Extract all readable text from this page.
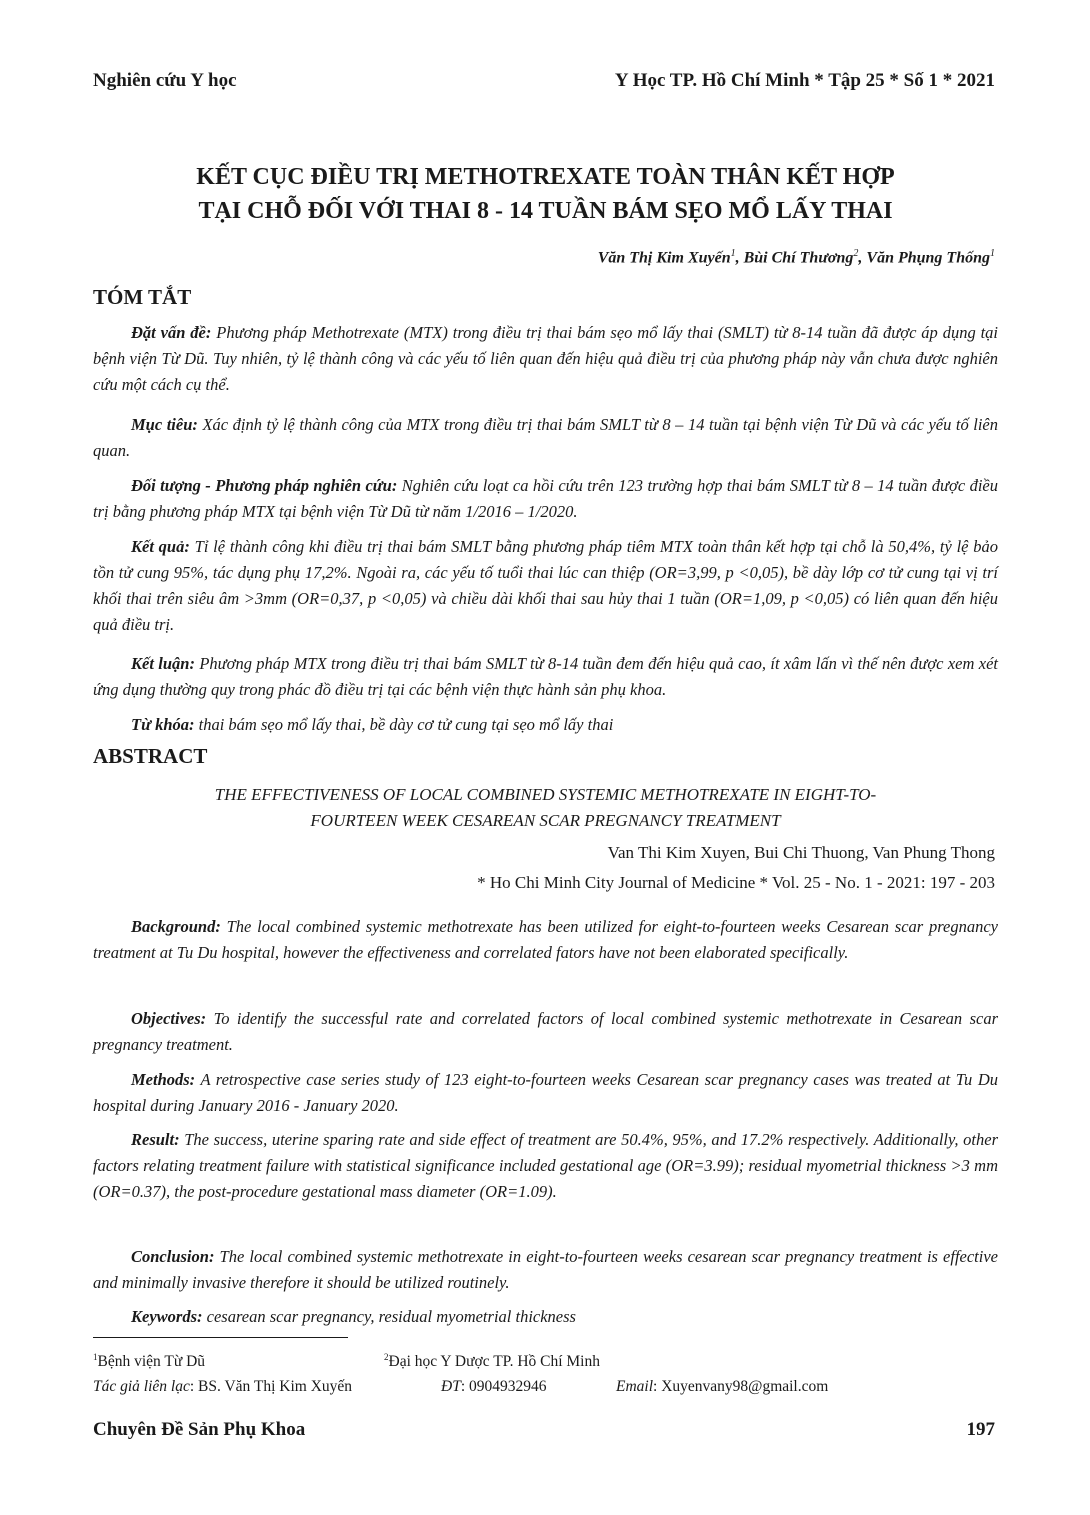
Nghiên cứu Y học	Y Học TP. Hồ Chí Minh * Tập 25 * Số 1 * 2021
KẾT CỤC ĐIỀU TRỊ METHOTREXATE TOÀN THÂN KẾT HỢP
TẠI CHỖ ĐỐI VỚI THAI 8 - 14 TUẦN BÁM SẸO MỔ LẤY THAI
Văn Thị Kim Xuyến$^1$, Bùi Chí Thương$^2$, Văn Phụng Thống$^1$
TÓM TẮT
Đặt vấn đề: Phương pháp Methotrexate (MTX) trong điều trị thai bám sẹo mổ lấy thai (SMLT) từ 8-14 tuần đã được áp dụng tại bệnh viện Từ Dũ. Tuy nhiên, tỷ lệ thành công và các yếu tố liên quan đến hiệu quả điều trị của phương pháp này vẫn chưa được nghiên cứu một cách cụ thể.
Mục tiêu: Xác định tỷ lệ thành công của MTX trong điều trị thai bám SMLT từ 8 – 14 tuần tại bệnh viện Từ Dũ và các yếu tố liên quan.
Đối tượng - Phương pháp nghiên cứu: Nghiên cứu loạt ca hồi cứu trên 123 trường hợp thai bám SMLT từ 8 – 14 tuần được điều trị bằng phương pháp MTX tại bệnh viện Từ Dũ từ năm 1/2016 – 1/2020.
Kết quả: Tỉ lệ thành công khi điều trị thai bám SMLT bằng phương pháp tiêm MTX toàn thân kết hợp tại chỗ là 50,4%, tỷ lệ bảo tồn tử cung 95%, tác dụng phụ 17,2%. Ngoài ra, các yếu tố tuổi thai lúc can thiệp (OR=3,99, p <0,05), bề dày lớp cơ tử cung tại vị trí khối thai trên siêu âm >3mm (OR=0,37, p <0,05) và chiều dài khối thai sau hủy thai 1 tuần (OR=1,09, p <0,05) có liên quan đến hiệu quả điều trị.
Kết luận: Phương pháp MTX trong điều trị thai bám SMLT từ 8-14 tuần đem đến hiệu quả cao, ít xâm lấn vì thế nên được xem xét ứng dụng thường quy trong phác đồ điều trị tại các bệnh viện thực hành sản phụ khoa.
Từ khóa: thai bám sẹo mổ lấy thai, bề dày cơ tử cung tại sẹo mổ lấy thai
ABSTRACT
THE EFFECTIVENESS OF LOCAL COMBINED SYSTEMIC METHOTREXATE IN EIGHT-TO-
FOURTEEN WEEK CESAREAN SCAR PREGNANCY TREATMENT
Van Thi Kim Xuyen, Bui Chi Thuong, Van Phung Thong
* Ho Chi Minh City Journal of Medicine * Vol. 25 - No. 1 - 2021: 197 - 203
Background: The local combined systemic methotrexate has been utilized for eight-to-fourteen weeks Cesarean scar pregnancy treatment at Tu Du hospital, however the effectiveness and correlated fators have not been elaborated specifically.
Objectives: To identify the successful rate and correlated factors of local combined systemic methotrexate in Cesarean scar pregnancy treatment.
Methods: A retrospective case series study of 123 eight-to-fourteen weeks Cesarean scar pregnancy cases was treated at Tu Du hospital during January 2016 - January 2020.
Result: The success, uterine sparing rate and side effect of treatment are 50.4%, 95%, and 17.2% respectively. Additionally, other factors relating treatment failure with statistical significance included gestational age (OR=3.99); residual myometrial thickness >3 mm (OR=0.37), the post-procedure gestational mass diameter (OR=1.09).
Conclusion: The local combined systemic methotrexate in eight-to-fourteen weeks cesarean scar pregnancy treatment is effective and minimally invasive therefore it should be utilized routinely.
Keywords: cesarean scar pregnancy, residual myometrial thickness
$^1$Bệnh viện Từ Dũ	$^2$Đại học Y Dược TP. Hồ Chí Minh
Tác giả liên lạc: BS. Văn Thị Kim Xuyến	ĐT: 0904932946	Email: Xuyenvany98@gmail.com
Chuyên Đề Sản Phụ Khoa	197
